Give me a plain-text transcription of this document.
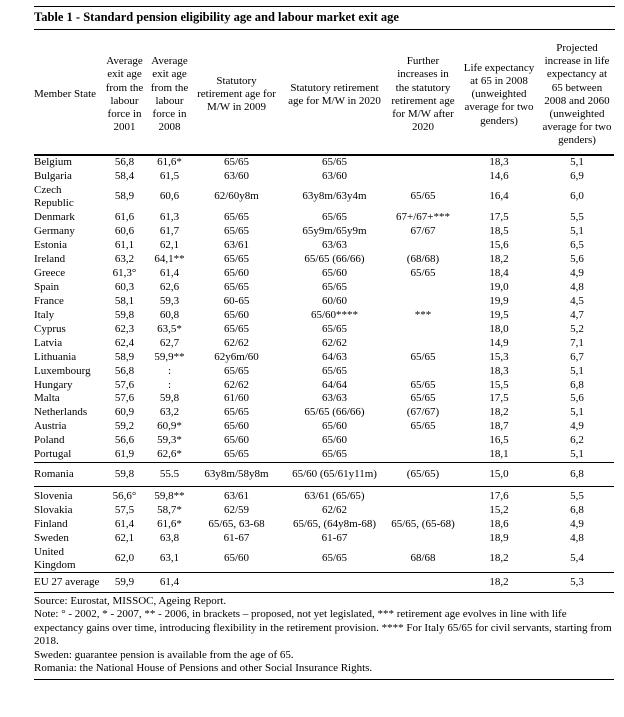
Table 1 - Standard pension eligibility age and labour market exit age
Member State	Average exit age from the labour force in 2001	Average exit age from the labour force in 2008	Statutory retirement age for M/W in 2009	Statutory retirement age for M/W in 2020	Further increases in the statutory retirement age for M/W after 2020	Life expectancy at 65 in 2008 (unweighted average for two genders)	Projected increase in life expectancy at 65 between 2008 and 2060 (unweighted average for two genders)
Belgium	56,8	61,6*	65/65	65/65		18,3	5,1
Bulgaria	58,4	61,5	63/60	63/60		14,6	6,9
Czech Republic	58,9	60,6	62/60y8m	63y8m/63y4m	65/65	16,4	6,0
Denmark	61,6	61,3	65/65	65/65	67+/67+***	17,5	5,5
Germany	60,6	61,7	65/65	65y9m/65y9m	67/67	18,5	5,1
Estonia	61,1	62,1	63/61	63/63		15,6	6,5
Ireland	63,2	64,1**	65/65	65/65 (66/66)	(68/68)	18,2	5,6
Greece	61,3°	61,4	65/60	65/60	65/65	18,4	4,9
Spain	60,3	62,6	65/65	65/65		19,0	4,8
France	58,1	59,3	60-65	60/60		19,9	4,5
Italy	59,8	60,8	65/60	65/60****	***	19,5	4,7
Cyprus	62,3	63,5*	65/65	65/65		18,0	5,2
Latvia	62,4	62,7	62/62	62/62		14,9	7,1
Lithuania	58,9	59,9**	62y6m/60	64/63	65/65	15,3	6,7
Luxembourg	56,8	:	65/65	65/65		18,3	5,1
Hungary	57,6	:	62/62	64/64	65/65	15,5	6,8
Malta	57,6	59,8	61/60	63/63	65/65	17,5	5,6
Netherlands	60,9	63,2	65/65	65/65 (66/66)	(67/67)	18,2	5,1
Austria	59,2	60,9*	65/60	65/60	65/65	18,7	4,9
Poland	56,6	59,3*	65/60	65/60		16,5	6,2
Portugal	61,9	62,6*	65/65	65/65		18,1	5,1
Romania	59,8	55.5	63y8m/58y8m	65/60 (65/61y11m)	(65/65)	15,0	6,8
Slovenia	56,6°	59,8**	63/61	63/61 (65/65)		17,6	5,5
Slovakia	57,5	58,7*	62/59	62/62		15,2	6,8
Finland	61,4	61,6*	65/65, 63-68	65/65, (64y8m-68)	65/65, (65-68)	18,6	4,9
Sweden	62,1	63,8	61-67	61-67		18,9	4,8
United Kingdom	62,0	63,1	65/60	65/65	68/68	18,2	5,4
EU 27 average	59,9	61,4				18,2	5,3
Source: Eurostat, MISSOC, Ageing Report.
Note: ° - 2002, * - 2007, ** - 2006, in brackets – proposed, not yet legislated, *** retirement age evolves in line with life expectancy gains over time, introducing flexibility in the retirement provision. **** For Italy 65/65 for civil servants, starting from 2018.
Sweden: guarantee pension is available from the age of 65.
Romania: the National House of Pensions and other Social Insurance Rights.
